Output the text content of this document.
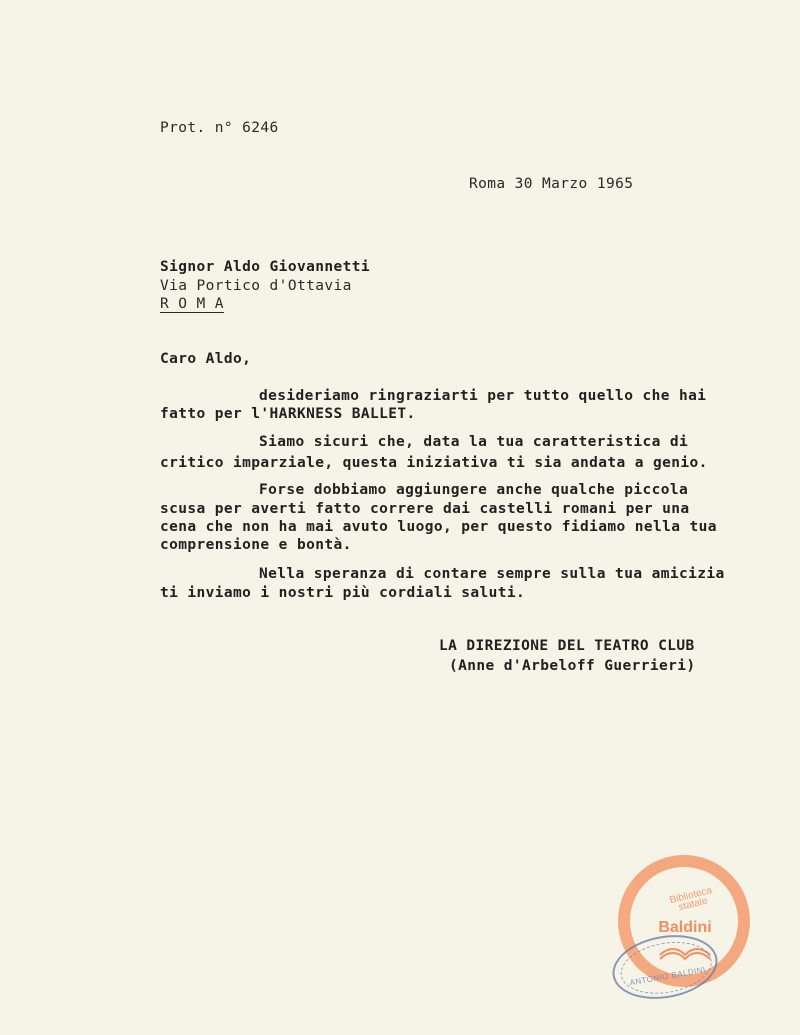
Prot. n° 6246
Roma 30 Marzo 1965
Signor Aldo Giovannetti
Via Portico d'Ottavia
R O M A
Caro Aldo,
desideriamo ringraziarti per tutto quello che hai
fatto per l'HARKNESS BALLET.
Siamo sicuri che, data la tua caratteristica di
critico imparziale, questa iniziativa ti sia andata a genio.
Forse dobbiamo aggiungere anche qualche piccola
scusa per averti fatto correre dai castelli romani per una
cena che non ha mai avuto luogo, per questo fidiamo nella tua
comprensione e bontà.
Nella speranza di contare sempre sulla tua amicizia
ti inviamo i nostri più cordiali saluti.
LA DIREZIONE DEL TEATRO CLUB
(Anne d'Arbeloff Guerrieri)
Biblioteca statale
Baldini
ANTONIO BALDINI
